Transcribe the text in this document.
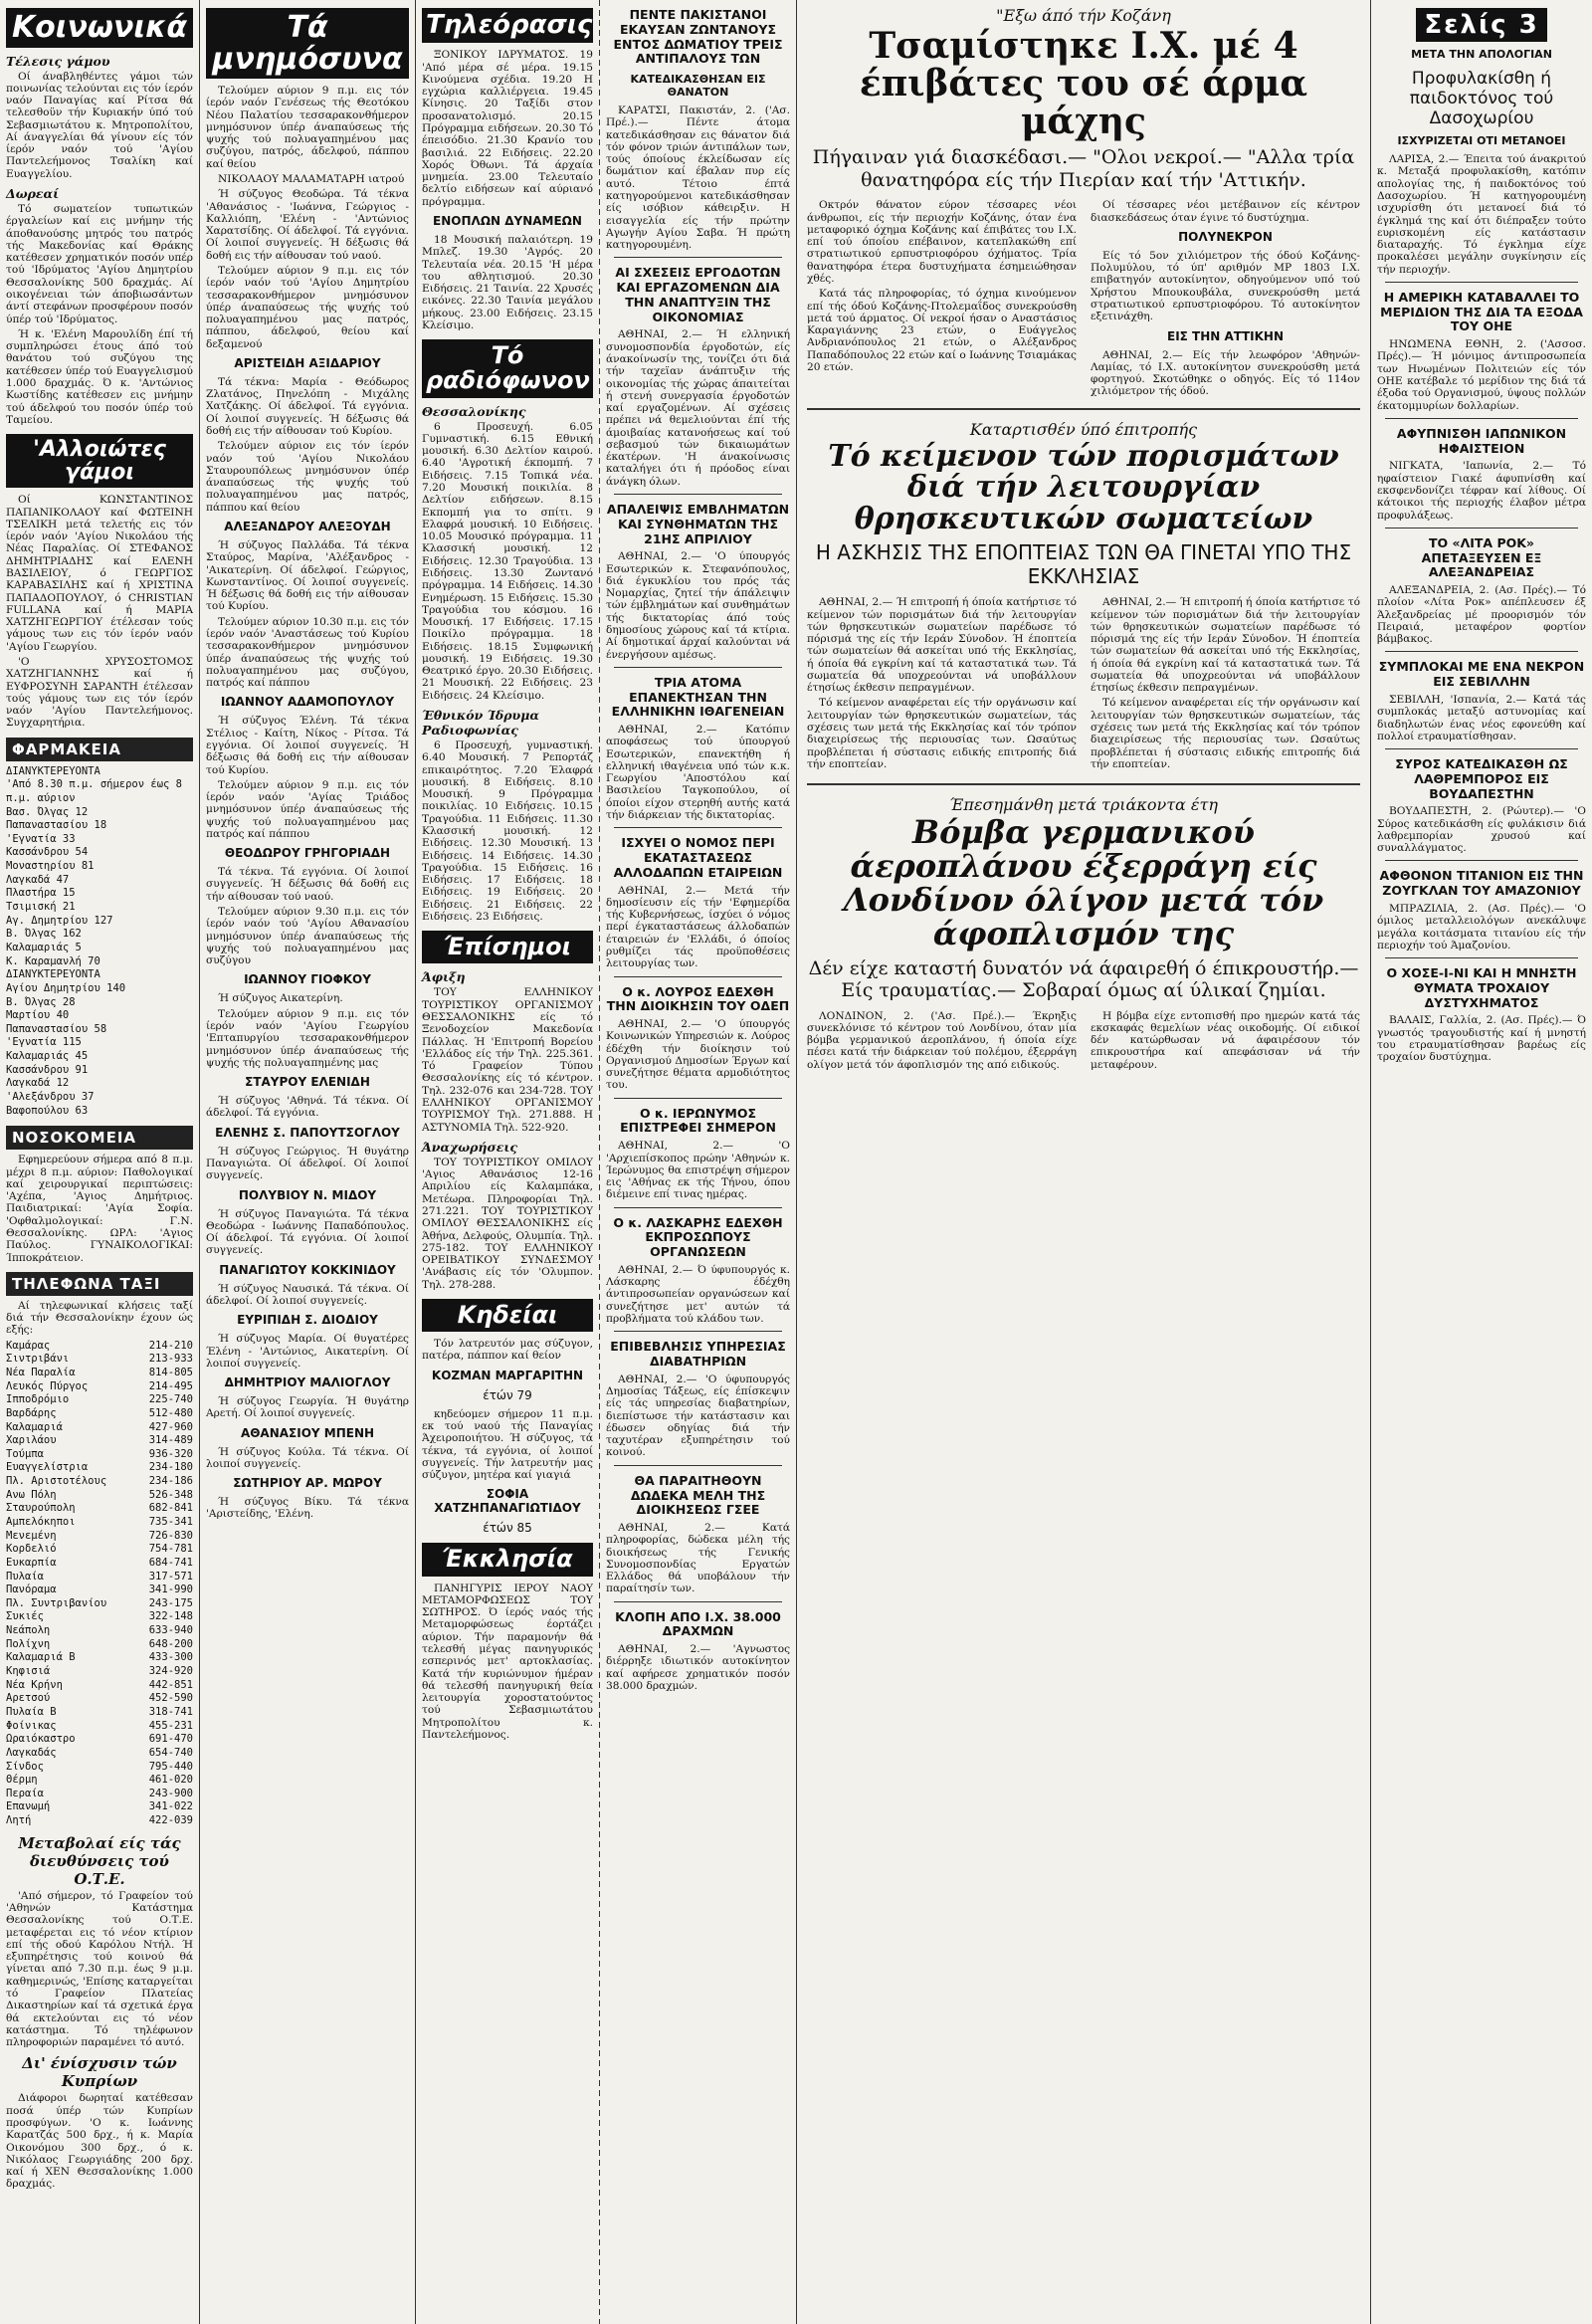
Κοινωνικά
Τέλεσις γάμου

Οί άναβληθέντες γάμοι τών ποινωνίας τελούνται εις τόν ίερόν ναόν Παναγίας καί Ρίτσα θά τελεσθοϋν τήν Κυριακήν ύπό τού Σεβασμιωτάτου κ. Μητροπολίτου, Αί άναγγελίαι θά γίνουν είς τόν ίερόν ναόν τού 'Αγίου Παντελεήμονος Τσαλίκη καί Ευαγγελίου.

Δωρεαί

Τό σωματείον τυπωτικών έργαλείων καί εις μνήμην τής άποθανούσης μητρός του πατρός τής Μακεδονίας καί Θράκης κατέθεσεν χρηματικόν ποσόν υπέρ τού 'Ιδρύματος 'Αγίου Δημητρίου Θεσσαλονίκης 500 δραχμάς. Αί οικογένειαι τών άποβιωσάντων άντί στεφάνων προσφέρουν ποσόν ύπέρ τού 'Ιδρύματος.

Ή κ. 'Ελένη Μαρουλίδη έπί τή συμπληρώσει έτους άπό τού θανάτου τού συζύγου της κατέθεσεν ύπέρ τού Ευαγγελισμού 1.000 δραχμάς. Ό κ. 'Αντώνιος Κωστίδης κατέθεσεν εις μνήμην τού άδελφού του ποσόν ύπέρ τού Ταμείου.

'Αλλοιώτες γάμοι

Οί ΚΩΝΣΤΑΝΤΙΝΟΣ ΠΑΠΑΝΙΚΟΛΑΟΥ καί ΦΩΤΕΙΝΗ ΤΣΕΛΙΚΗ μετά τελετής εις τόν ίερόν ναόν 'Αγίου Νικολάου τής Νέας Παραλίας. Οί ΣΤΕΦΑΝΟΣ ΔΗΜΗΤΡΙΑΔΗΣ καί ΕΛΕΝΗ ΒΑΣΙΛΕΙΟΥ, ό ΓΕΩΡΓΙΟΣ ΚΑΡΑΒΑΣΙΛΗΣ καί ή ΧΡΙΣΤΙΝΑ ΠΑΠΑΔΟΠΟΥΛΟΥ, ό CHRISTIAN FULLANA καί ή ΜΑΡΙΑ ΧΑΤΖΗΓΕΩΡΓΙΟΥ έτέλεσαν τούς γάμους των εις τόν ίερόν ναόν 'Αγίου Γεωργίου.

'Ο ΧΡΥΣΟΣΤΟΜΟΣ ΧΑΤΖΗΓΙΑΝΝΗΣ καί ή ΕΥΦΡΟΣΥΝΗ ΣΑΡΑΝΤΗ έτέλεσαν τούς γάμους των εις τόν ίερόν ναόν 'Αγίου Παντελεήμονος. Συγχαρητήρια.

ΦΑΡΜΑΚΕΙΑ
ΔΙΑΝΥΚΤΕΡΕΥΟΝΤΑ
'Από 8.30 π.μ. σήμερον έως 8 π.μ. αύριον
Βασ. Όλγας 12
Παπαναστασίου 18
'Εγνατία 33
Κασσάνδρου 54
Μοναστηρίου 81
Λαγκαδά 47
Πλαστήρα 15
Τσιμισκή 21
Αγ. Δημητρίου 127
Β. Όλγας 162
Καλαμαριάς 5
Κ. Καραμανλή 70
ΔΙΑΝΥΚΤΕΡΕΥΟΝΤΑ
Αγίου Δημητρίου 140
Β. Όλγας 28
Μαρτίου 40
Παπαναστασίου 58
'Εγνατία 115
Καλαμαριάς 45
Κασσάνδρου 91
Λαγκαδά 12
'Αλεξάνδρου 37
Βαφοπούλου 63
ΝΟΣΟΚΟΜΕΙΑ

Εφημερεύουν σήμερα από 8 π.μ. μέχρι 8 π.μ. αύριον: Παθολογικαί καί χειρουργικαί περιπτώσεις: 'Αχέπα, 'Αγιος Δημήτριος. Παιδιατρικαί: 'Αγία Σοφία. 'Οφθαλμολογικαί: Γ.Ν. Θεσσαλονίκης. ΩΡΛ: 'Αγιος Παύλος. ΓΥΝΑΙΚΟΛΟΓΙΚΑΙ: Ίπποκράτειον.

ΤΗΛΕΦΩΝΑ ΤΑΞΙ

Αί τηλεφωνικαί κλήσεις ταξί διά τήν Θεσσαλονίκην έχουν ώς εξής:

Καμάρας	214-210
Σιντριβάνι	213-933
Νέα Παραλία	814-805
Λευκός Πύργος	214-495
Ιπποδρόμιο	225-740
Βαρδάρης	512-480
Καλαμαριά	427-960
Χαριλάου	314-489
Τούμπα	936-320
Ευαγγελίστρια	234-180
Πλ. Αριστοτέλους	234-186
Ανω Πόλη	526-348
Σταυρούπολη	682-841
Αμπελόκηποι	735-341
Μενεμένη	726-830
Κορδελιό	754-781
Ευκαρπία	684-741
Πυλαία	317-571
Πανόραμα	341-990
Πλ. Συντριβανίου	243-175
Συκιές	322-148
Νεάπολη	633-940
Πολίχνη	648-200
Καλαμαριά Β	433-300
Κηφισιά	324-920
Νέα Κρήνη	442-851
Αρετσού	452-590
Πυλαία Β	318-741
Φοίνικας	455-231
Ωραιόκαστρο	691-470
Λαγκαδάς	654-740
Σίνδος	795-440
Θέρμη	461-020
Περαία	243-900
Επανωμή	341-022
Λητή	422-039
Μεταβολαί είς τάς διευθύνσεις τού Ο.Τ.Ε.

'Από σήμερον, τό Γραφείον τού 'Αθηνών Κατάστημα Θεσσαλονίκης τού Ο.Τ.Ε. μεταφέρεται εις τό νέον κτίριον επί τής οδού Καρόλου Ντήλ. Ή εξυπηρέτησις τού κοινού θά γίνεται από 7.30 π.μ. έως 9 μ.μ. καθημερινώς, 'Επίσης καταργείται τό Γραφείον Πλατείας Δικαστηρίων καί τά σχετικά έργα θά εκτελούνται εις τό νέον κατάστημα. Τό τηλέφωνον πληροφοριών παραμένει τό αυτό.

Δι' ένίσχυσιν τών Κυπρίων

Διάφοροι δωρηταί κατέθεσαν ποσά ύπέρ τών Κυπρίων προσφύγων. 'Ο κ. Ιωάννης Καρατζάς 500 δρχ., ή κ. Μαρία Οικονόμου 300 δρχ., ό κ. Νικόλαος Γεωργιάδης 200 δρχ. καί ή ΧΕΝ Θεσσαλονίκης 1.000 δραχμάς.

Τά μνημόσυνα

Τελούμεν αύριον 9 π.μ. εις τόν ίερόν ναόν Γενέσεως τής Θεοτόκου Νέου Παλατίου τεσσαρακονθήμερον μνημόσυνον ύπέρ άναπαύσεως τής ψυχής τού πολυαγαπημένου μας συζύγου, πατρός, άδελφού, πάππου καί θείου

ΝΙΚΟΛΑΟΥ ΜΑΛΑΜΑΤΑΡΗ ιατρού

Ή σύζυγος Θεοδώρα. Τά τέκνα 'Αθανάσιος - 'Ιωάννα, Γεώργιος - Καλλιόπη, 'Ελένη - 'Αντώνιος Χαρατσίδης. Οί άδελφοί. Τά εγγόνια. Οί λοιποί συγγενείς. Ή δέξωσις θά δοθή εις τήν αίθουσαν τού ναού.

Τελούμεν αύριον 9 π.μ. εις τόν ίερόν ναόν τού 'Αγίου Δημητρίου τεσσαρακονθήμερον μνημόσυνον ύπέρ άναπαύσεως τής ψυχής τού πολυαγαπημένου μας πατρός, πάππου, άδελφού, θείου καί δεξαμενού

ΑΡΙΣΤΕΙΔΗ ΑΞΙΔΑΡΙΟΥ

Τά τέκνα: Μαρία - Θεόδωρος Ζλατάνος, Πηνελόπη - Μιχάλης Χατζάκης. Οί άδελφοί. Τά εγγόνια. Οί λοιποί συγγενείς. Ή δέξωσις θά δοθή εις τήν αίθουσαν τού Κυρίου.

Τελούμεν αύριον εις τόν ίερόν ναόν τού 'Αγίου Νικολάου Σταυρουπόλεως μνημόσυνον ύπέρ άναπαύσεως τής ψυχής τού πολυαγαπημένου μας πατρός, πάππου καί θείου

ΑΛΕΞΑΝΔΡΟΥ ΑΛΕΞΟΥΔΗ

Ή σύζυγος Παλλάδα. Τά τέκνα Σταύρος, Μαρίνα, 'Αλέξανδρος - 'Αικατερίνη. Οί άδελφοί. Γεώργιος, Κωνσταντίνος. Οί λοιποί συγγενείς. Ή δέξωσις θά δοθή εις τήν αίθουσαν τού Κυρίου.

Τελούμεν αύριον 10.30 π.μ. εις τόν ίερόν ναόν 'Αναστάσεως τού Κυρίου τεσσαρακονθήμερον μνημόσυνον ύπέρ άναπαύσεως τής ψυχής τού πολυαγαπημένου μας συζύγου, πατρός καί πάππου

ΙΩΑΝΝΟΥ ΑΔΑΜΟΠΟΥΛΟΥ

Ή σύζυγος Έλένη. Τά τέκνα Στέλιος - Καίτη, Νίκος - Ρίτσα. Τά εγγόνια. Οί λοιποί συγγενείς. Ή δέξωσις θά δοθή εις τήν αίθουσαν τού Κυρίου.

Τελούμεν αύριον 9 π.μ. εις τόν ίερόν ναόν 'Αγίας Τριάδος μνημόσυνον ύπέρ άναπαύσεως τής ψυχής τού πολυαγαπημένου μας πατρός καί πάππου

ΘΕΟΔΩΡΟΥ ΓΡΗΓΟΡΙΑΔΗ

Τά τέκνα. Τά εγγόνια. Οί λοιποί συγγενείς. Ή δέξωσις θά δοθή εις τήν αίθουσαν τού ναού.

Τελούμεν αύριον 9.30 π.μ. εις τόν ίερόν ναόν τού 'Αγίου Αθανασίου μνημόσυνον ύπέρ άναπαύσεως τής ψυχής τού πολυαγαπημένου μας συζύγου

ΙΩΑΝΝΟΥ ΓΙΟΦΚΟΥ

Ή σύζυγος Αικατερίνη.

Τελούμεν αύριον 9 π.μ. εις τόν ίερόν ναόν 'Αγίου Γεωργίου 'Επταπυργίου τεσσαρακονθήμερον μνημόσυνον ύπέρ άναπαύσεως τής ψυχής τής πολυαγαπημένης μας

ΣΤΑΥΡΟΥ ΕΛΕΝΙΔΗ

Ή σύζυγος 'Αθηνά. Τά τέκνα. Οί άδελφοί. Τά εγγόνια.

ΕΛΕΝΗΣ Σ. ΠΑΠΟΥΤΣΟΓΛΟΥ

Ή σύζυγος Γεώργιος. Ή θυγάτηρ Παναγιώτα. Οί άδελφοί. Οί λοιποί συγγενείς.

ΠΟΛΥΒΙΟΥ Ν. ΜΙΔΟΥ

Ή σύζυγος Παναγιώτα. Τά τέκνα Θεοδώρα - Ιωάννης Παπαδόπουλος. Οί άδελφοί. Τά εγγόνια. Οί λοιποί συγγενείς.

ΠΑΝΑΓΙΩΤΟΥ ΚΟΚΚΙΝΙΔΟΥ

Ή σύζυγος Ναυσικά. Τά τέκνα. Οί άδελφοί. Οί λοιποί συγγενείς.

ΕΥΡΙΠΙΔΗ Σ. ΔΙΟΔΙΟΥ

Ή σύζυγος Μαρία. Οί θυγατέρες Έλένη - 'Αντώνιος, Αικατερίνη. Οί λοιποί συγγενείς.

ΔΗΜΗΤΡΙΟΥ ΜΑΛΙΟΓΛΟΥ

Ή σύζυγος Γεωργία. Ή θυγάτηρ Αρετή. Οί λοιποί συγγενείς.

ΑΘΑΝΑΣΙΟΥ ΜΠΕΝΗ

Ή σύζυγος Κούλα. Τά τέκνα. Οί λοιποί συγγενείς.

ΣΩΤΗΡΙΟΥ ΑΡ. ΜΩΡΟΥ

Ή σύζυγος Βίκυ. Τά τέκνα 'Αριστείδης, 'Ελένη.

Τηλεόρασις

ΞΟΝΙΚΟΥ ΙΔΡΥΜΑΤΟΣ. 19 'Από μέρα σέ μέρα. 19.15 Κινούμενα σχέδια. 19.20 Η εγχώρια καλλιέργεια. 19.45 Κίνησις. 20 Ταξίδι στον προσανατολισμό. 20.15 Πρόγραμμα ειδήσεων. 20.30 Τό έπεισόδιο. 21.30 Κρανίο του βασιλιά. 22 Ειδήσεις. 22.20 Χορός Όθωνι. Τά άρχαία μνημεία. 23.00 Τελευταίο δελτίο ειδήσεων καί αύριανό πρόγραμμα.

ΕΝΟΠΛΩΝ ΔΥΝΑΜΕΩΝ

18 Μουσική παλαιότερη. 19 Μπλεζ. 19.30 'Αγρός. 20 Τελευταία νέα. 20.15 'Η μέρα του αθλητισμού. 20.30 Ειδήσεις. 21 Ταινία. 22 Χρυσές εικόνες. 22.30 Ταινία μεγάλου μήκους. 23.00 Ειδήσεις. 23.15 Κλείσιμο.

Τό ραδιόφωνον
Θεσσαλονίκης

6 Προσευχή. 6.05 Γυμναστική. 6.15 Εθνική μουσική. 6.30 Δελτίον καιρού. 6.40 'Αγροτική έκπομπή. 7 Ειδήσεις. 7.15 Τοπικά νέα. 7.20 Μουσική ποικιλία. 8 Δελτίον ειδήσεων. 8.15 Εκπομπή για το σπίτι. 9 Ελαφρά μουσική. 10 Ειδήσεις. 10.05 Μουσικό πρόγραμμα. 11 Κλασσική μουσική. 12 Ειδήσεις. 12.30 Τραγούδια. 13 Ειδήσεις. 13.30 Ζωντανό πρόγραμμα. 14 Ειδήσεις. 14.30 Ενημέρωση. 15 Ειδήσεις. 15.30 Τραγούδια του κόσμου. 16 Μουσική. 17 Ειδήσεις. 17.15 Ποικίλο πρόγραμμα. 18 Ειδήσεις. 18.15 Συμφωνική μουσική. 19 Ειδήσεις. 19.30 Θεατρικό έργο. 20.30 Ειδήσεις. 21 Μουσική. 22 Ειδήσεις. 23 Ειδήσεις. 24 Κλείσιμο.

Έθνικόν Ίδρυμα Ραδιοφωνίας

6 Προσευχή, γυμναστική. 6.40 Μουσική. 7 Ρεπορτάζ επικαιρότητος. 7.20 Έλαφρά μουσική. 8 Ειδήσεις. 8.10 Μουσική. 9 Πρόγραμμα ποικιλίας. 10 Ειδήσεις. 10.15 Τραγούδια. 11 Ειδήσεις. 11.30 Κλασσική μουσική. 12 Ειδήσεις. 12.30 Μουσική. 13 Ειδήσεις. 14 Ειδήσεις. 14.30 Τραγούδια. 15 Ειδήσεις. 16 Ειδήσεις. 17 Ειδήσεις. 18 Ειδήσεις. 19 Ειδήσεις. 20 Ειδήσεις. 21 Ειδήσεις. 22 Ειδήσεις. 23 Ειδήσεις.

Έπίσημοι
Άφιξη

ΤΟΥ ΕΛΛΗΝΙΚΟΥ ΤΟΥΡΙΣΤΙΚΟΥ ΟΡΓΑΝΙΣΜΟΥ ΘΕΣΣΑΛΟΝΙΚΗΣ είς τό Ξενοδοχείον Μακεδονία Πάλλας. Ή 'Επιτροπή Βορείου 'Ελλάδος είς τήν Τηλ. 225.361. Τό Γραφείον Τύπου Θεσσαλονίκης είς τό κέντρον. Τηλ. 232-076 και 234-728. ΤΟΥ ΕΛΛΗΝΙΚΟΥ ΟΡΓΑΝΙΣΜΟΥ ΤΟΥΡΙΣΜΟΥ Τηλ. 271.888. Η ΑΣΤΥΝΟΜΙΑ Τηλ. 522-920.

Άναχωρήσεις

ΤΟΥ ΤΟΥΡΙΣΤΙΚΟΥ ΟΜΙΛΟΥ 'Αγιος Αθανάσιος 12-16 Απριλίου είς Καλαμπάκα, Μετέωρα. Πληροφορίαι Τηλ. 271.221. ΤΟΥ ΤΟΥΡΙΣΤΙΚΟΥ ΟΜΙΛΟΥ ΘΕΣΣΑΛΟΝΙΚΗΣ είς Άθήνα, Δελφούς, Ολυμπία. Τηλ. 275-182. ΤΟΥ ΕΛΛΗΝΙΚΟΥ ΟΡΕΙΒΑΤΙΚΟΥ ΣΥΝΔΕΣΜΟΥ 'Ανάβασις είς τόν 'Ολυμπον. Τηλ. 278-288.

Κηδείαι

Τόν λατρευτόν μας σύζυγον, πατέρα, πάππον καί θείον

ΚΟΖΜΑΝ ΜΑΡΓΑΡΙΤΗΝ
έτών 79

κηδεύομεν σήμερον 11 π.μ. εκ τού ναού τής Παναγίας Άχειροποιήτου. Ή σύζυγος, τά τέκνα, τά εγγόνια, οί λοιποί συγγενείς. Τήν λατρευτήν μας σύζυγον, μητέρα καί γιαγιά

ΣΟΦΙΑ ΧΑΤΖΗΠΑΝΑΓΙΩΤΙΔΟΥ
έτών 85
Έκκλησία

ΠΑΝΗΓΥΡΙΣ ΙΕΡΟΥ ΝΑΟΥ ΜΕΤΑΜΟΡΦΩΣΕΩΣ ΤΟΥ ΣΩΤΗΡΟΣ. Ό ίερός ναός τής Μεταμορφώσεως έορτάζει αύριον. Τήν παραμονήν θά τελεσθή μέγας πανηγυρικός εσπερινός μετ' αρτοκλασίας. Κατά τήν κυριώνυμον ήμέραν θά τελεσθή πανηγυρική θεία λειτουργία χοροστατούντος τού Σεβασμιωτάτου Μητροπολίτου κ. Παντελεήμονος.

ΠΕΝΤΕ ΠΑΚΙΣΤΑΝΟΙ ΕΚΑΥΣΑΝ ΖΩΝΤΑΝΟΥΣ ΕΝΤΟΣ ΔΩΜΑΤΙΟΥ ΤΡΕΙΣ ΑΝΤΙΠΑΛΟΥΣ ΤΩΝ
ΚΑΤΕΔΙΚΑΣΘΗΣΑΝ ΕΙΣ ΘΑΝΑΤΟΝ

ΚΑΡΑΤΣΙ, Πακιστάν, 2. ('Ασ. Πρέ.).— Πέντε άτομα κατεδικάσθησαν εις θάνατον διά τόν φόνον τριών άντιπάλων των, τούς όποίους έκλείδωσαν είς δωμάτιον καί έβαλαν πυρ είς αυτό. Τέτοιο έπτά κατηγορούμενοι κατεδικάσθησαν είς ισόβιον κάθειρξιν. Η εισαγγελία είς τήν πρώτην Αγωγήν Αγίου Σαβα. Ή πρώτη κατηγορουμένη.

ΑΙ ΣΧΕΣΕΙΣ ΕΡΓΟΔΟΤΩΝ ΚΑΙ ΕΡΓΑΖΟΜΕΝΩΝ ΔΙΑ ΤΗΝ ΑΝΑΠΤΥΞΙΝ ΤΗΣ ΟΙΚΟΝΟΜΙΑΣ

ΑΘΗΝΑΙ, 2.— Ή ελληνική συνομοσπονδία έργοδοτών, είς άνακοίνωσίν της, τονίζει ότι διά τήν ταχεϊαν άνάπτυξιν τής οικονομίας τής χώρας άπαιτείται ή στενή συνεργασία έργοδοτών καί εργαζομένων. Αί σχέσεις πρέπει νά θεμελιούνται έπί τής άμοιβαίας κατανοήσεως καί τού σεβασμού τών δικαιωμάτων έκατέρων. 'Η άνακοίνωσις καταλήγει ότι ή πρόοδος είναι άνάγκη όλων.

ΑΠΑΛΕΙΨΙΣ ΕΜΒΛΗΜΑΤΩΝ ΚΑΙ ΣΥΝΘΗΜΑΤΩΝ ΤΗΣ 21ΗΣ ΑΠΡΙΛΙΟΥ

ΑΘΗΝΑΙ, 2.— 'Ο ύπουργός Εσωτερικών κ. Στεφανόπουλος, διά έγκυκλίου του πρός τάς Νομαρχίας, ζητεί τήν άπάλειψιν τών έμβλημάτων καί συνθημάτων τής δικτατορίας άπό τούς δημοσίους χώρους καί τά κτίρια. Αί δημοτικαί άρχαί καλούνται νά ένεργήσουν αμέσως.

ΤΡΙΑ ΑΤΟΜΑ ΕΠΑΝΕΚΤΗΣΑΝ ΤΗΝ ΕΛΛΗΝΙΚΗΝ ΙΘΑΓΕΝΕΙΑΝ

ΑΘΗΝΑΙ, 2.— Κατόπιν αποφάσεως τού ύπουργού Εσωτερικών, επανεκτήθη ή ελληνική ιθαγένεια υπό τών κ.κ. Γεωργίου 'Αποστόλου καί Βασιλείου Ταγκοπούλου, οί όποίοι είχον στερηθή αυτής κατά τήν διάρκειαν τής δικτατορίας.

ΙΣΧΥΕΙ Ο ΝΟΜΟΣ ΠΕΡΙ ΕΚΑΤΑΣΤΑΣΕΩΣ ΑΛΛΟΔΑΠΩΝ ΕΤΑΙΡΕΙΩΝ

ΑΘΗΝΑΙ, 2.— Μετά τήν δημοσίευσιν είς τήν 'Εφημερίδα τής Κυβερνήσεως, ίσχύει ό νόμος περί έγκαταστάσεως άλλοδαπών έταιρειών έν 'Ελλάδι, ό όποίος ρυθμίζει τάς προϋποθέσεις λειτουργίας των.

Ο κ. ΛΟΥΡΟΣ ΕΔΕΧΘΗ ΤΗΝ ΔΙΟΙΚΗΣΙΝ ΤΟΥ ΟΔΕΠ

ΑΘΗΝΑΙ, 2.— 'Ο ύπουργός Κοινωνικών Υπηρεσιών κ. Λούρος έδέχθη τήν διοίκησιν τού Οργανισμού Δημοσίων Έργων καί συνεζήτησε θέματα αρμοδιότητος του.

Ο κ. ΙΕΡΩΝΥΜΟΣ ΕΠΙΣΤΡΕΦΕΙ ΣΗΜΕΡΟΝ

ΑΘΗΝΑΙ, 2.— 'Ο 'Αρχιεπίσκοπος πρώην 'Αθηνών κ. Ίερώνυμος θα επιστρέψη σήμερον εις 'Αθήνας εκ τής Τήνου, όπου διέμεινε επί τινας ημέρας.

Ο κ. ΛΑΣΚΑΡΗΣ ΕΔΕΧΘΗ ΕΚΠΡΟΣΩΠΟΥΣ ΟΡΓΑΝΩΣΕΩΝ

ΑΘΗΝΑΙ, 2.— Ό ύφυπουργός κ. Λάσκαρης έδέχθη άντιπροσωπείαν οργανώσεων καί συνεζήτησε μετ' αυτών τά προβλήματα τού κλάδου των.

ΕΠΙΒΕΒΛΗΣΙΣ ΥΠΗΡΕΣΙΑΣ ΔΙΑΒΑΤΗΡΙΩΝ

ΑΘΗΝΑΙ, 2.— 'Ο ύφυπουργός Δημοσίας Τάξεως, είς έπίσκεψιν είς τάς υπηρεσίας διαβατηρίων, διεπίστωσε τήν κατάστασιν και έδωσεν οδηγίας διά τήν ταχυτέραν εξυπηρέτησιν τού κοινού.

ΘΑ ΠΑΡΑΙΤΗΘΟΥΝ ΔΩΔΕΚΑ ΜΕΛΗ ΤΗΣ ΔΙΟΙΚΗΣΕΩΣ ΓΣΕΕ

ΑΘΗΝΑΙ, 2.— Κατά πληροφορίας, δώδεκα μέλη τής διοικήσεως τής Γενικής Συνομοσπονδίας Εργατών Ελλάδος θά υποβάλουν τήν παραίτησίν των.

ΚΛΟΠΗ ΑΠΟ Ι.Χ. 38.000 ΔΡΑΧΜΩΝ

ΑΘΗΝΑΙ, 2.— 'Αγνωστος διέρρηξε ιδιωτικόν αυτοκίνητον καί αφήρεσε χρηματικόν ποσόν 38.000 δραχμών.

"Εξω άπό τήν Κοζάνη
Τσαμίστηκε Ι.Χ. μέ 4 έπιβάτες του σέ άρμα μάχης
Πήγαιναν γιά διασκέδασι.— "Ολοι νεκροί.— "Αλλα τρία θανατηφόρα είς τήν Πιερίαν καί τήν 'Αττικήν.

Οκτρόν θάνατον εύρον τέσσαρες νέοι άνθρωποι, είς τήν περιοχήν Κοζάνης, όταν ένα μεταφορικό όχημα Κοζάνης καί έπιβάτες του Ι.Χ. επί τού όποίου επέβαινον, κατεπλακώθη επί στρατιωτικού ερπυστριοφόρου όχήματος. Τρία θανατηφόρα έτερα δυστυχήματα έσημειώθησαν χθές.

Κατά τάς πληροφορίας, τό όχημα κινούμενον επί τής όδού Κοζάνης-Πτολεμαΐδος συνεκρούσθη μετά τού άρματος. Οί νεκροί ήσαν ο Αναστάσιος Καραγιάννης 23 ετών, ο Ευάγγελος Ανδριανόπουλος 21 ετών, ο Αλέξανδρος Παπαδόπουλος 22 ετών καί ο Ιωάννης Τσιαμάκας 20 ετών.

Οί τέσσαρες νέοι μετέβαινον είς κέντρον διασκεδάσεως όταν έγινε τό δυστύχημα.

ΠΟΛΥΝΕΚΡΟΝ

Είς τό 5ον χιλιόμετρον τής όδού Κοζάνης-Πολυμύλου, τό ύπ' αριθμόν ΜΡ 1803 Ι.Χ. επιβατηγόν αυτοκίνητον, οδηγούμενον υπό τού Χρήστου Μπουκουβάλα, συνεκρούσθη μετά στρατιωτικού ερπυστριοφόρου. Τό αυτοκίνητον εξετινάχθη.

ΕΙΣ ΤΗΝ ΑΤΤΙΚΗΝ

ΑΘΗΝΑΙ, 2.— Είς τήν λεωφόρον 'Αθηνών-Λαμίας, τό Ι.Χ. αυτοκίνητον συνεκρούσθη μετά φορτηγού. Σκοτώθηκε ο οδηγός. Είς τό 114ον χιλιόμετρον τής όδού.

Καταρτισθέν ύπό έπιτροπής
Τό κείμενον τών πορισμάτων διά τήν λειτουργίαν θρησκευτικών σωματείων
Η ΑΣΚΗΣΙΣ ΤΗΣ ΕΠΟΠΤΕΙΑΣ ΤΩΝ ΘΑ ΓΙΝΕΤΑΙ ΥΠΟ ΤΗΣ ΕΚΚΛΗΣΙΑΣ

ΑΘΗΝΑΙ, 2.— Ή επιτροπή ή όποία κατήρτισε τό κείμενον τών πορισμάτων διά τήν λειτουργίαν τών θρησκευτικών σωματείων παρέδωσε τό πόρισμά της είς τήν Ιεράν Σύνοδον. Ή έποπτεία τών σωματείων θά ασκείται υπό τής Εκκλησίας, ή όποία θά εγκρίνη καί τά καταστατικά των. Τά σωματεία θά υποχρεούνται νά υποβάλλουν έτησίως έκθεσιν πεπραγμένων.

Τό κείμενον αναφέρεται είς τήν οργάνωσιν καί λειτουργίαν τών θρησκευτικών σωματείων, τάς σχέσεις των μετά τής Εκκλησίας καί τόν τρόπον διαχειρίσεως τής περιουσίας των. Ωσαύτως προβλέπεται ή σύστασις ειδικής επιτροπής διά τήν εποπτείαν.

ΑΘΗΝΑΙ, 2.— Ή επιτροπή ή όποία κατήρτισε τό κείμενον τών πορισμάτων διά τήν λειτουργίαν τών θρησκευτικών σωματείων παρέδωσε τό πόρισμά της είς τήν Ιεράν Σύνοδον. Ή έποπτεία τών σωματείων θά ασκείται υπό τής Εκκλησίας, ή όποία θά εγκρίνη καί τά καταστατικά των. Τά σωματεία θά υποχρεούνται νά υποβάλλουν έτησίως έκθεσιν πεπραγμένων.

Τό κείμενον αναφέρεται είς τήν οργάνωσιν καί λειτουργίαν τών θρησκευτικών σωματείων, τάς σχέσεις των μετά τής Εκκλησίας καί τόν τρόπον διαχειρίσεως τής περιουσίας των. Ωσαύτως προβλέπεται ή σύστασις ειδικής επιτροπής διά τήν εποπτείαν.

Έπεσημάνθη μετά τριάκοντα έτη
Βόμβα γερμανικού άεροπλάνου έξερράγη είς Λονδίνον όλίγον μετά τόν άφοπλισμόν της
Δέν είχε καταστή δυνατόν νά άφαιρεθή ό έπικρουστήρ.— Είς τραυματίας.— Σοβαραί όμως αί ύλικαί ζημίαι.

ΛΟΝΔΙΝΟΝ, 2. ('Ασ. Πρέ.).— Έκρηξις συνεκλόνισε τό κέντρον τού Λονδίνου, όταν μία βόμβα γερμανικού άεροπλάνου, ή όποία είχε πέσει κατά τήν διάρκειαν τού πολέμου, έξερράγη ολίγον μετά τόν άφοπλισμόν της από ειδικούς.

Η βόμβα είχε εντοπισθή προ ημερών κατά τάς εκσκαφάς θεμελίων νέας οικοδομής. Οί ειδικοί δέν κατώρθωσαν νά άφαιρέσουν τόν επικρουστήρα καί απεφάσισαν νά τήν μεταφέρουν.

Σελίς 3
ΜΕΤΑ ΤΗΝ ΑΠΟΛΟΓΙΑΝ
Προφυλακίσθη ή παιδοκτόνος τού Δασοχωρίου
ΙΣΧΥΡΙΖΕΤΑΙ ΟΤΙ ΜΕΤΑΝΟΕΙ

ΛΑΡΙΣΑ, 2.— Έπειτα τού άνακριτού κ. Μεταξά προφυλακίσθη, κατόπιν απολογίας της, ή παιδοκτόνος τού Δασοχωρίου. Ή κατηγορουμένη ισχυρίσθη ότι μετανοεί διά τό έγκλημά της καί ότι διέπραξεν τούτο ευρισκομένη είς κατάστασιν διαταραχής. Τό έγκλημα είχε προκαλέσει μεγάλην συγκίνησιν είς τήν περιοχήν.

Η ΑΜΕΡΙΚΗ ΚΑΤΑΒΑΛΛΕΙ ΤΟ ΜΕΡΙΔΙΟΝ ΤΗΣ ΔΙΑ ΤΑ ΕΞΟΔΑ ΤΟΥ ΟΗΕ

ΗΝΩΜΕΝΑ ΕΘΝΗ, 2. ('Ασσοσ. Πρές).— Ή μόνιμος άντιπροσωπεία των Ηνωμένων Πολιτειών είς τόν ΟΗΕ κατέβαλε τό μερίδιον της διά τά έξοδα τού Οργανισμού, ύψους πολλών έκατομμυρίων δολλαρίων.

ΑΦΥΠΝΙΣΘΗ ΙΑΠΩΝΙΚΟΝ ΗΦΑΙΣΤΕΙΟΝ

ΝΙΓΚΑΤΑ, 'Ιαπωνία, 2.— Τό ηφαίστειον Γιακέ άφυπνίσθη καί εκσφενδονίζει τέφραν καί λίθους. Οί κάτοικοι τής περιοχής έλαβον μέτρα προφυλάξεως.

ΤΟ «ΛΙΤΑ ΡΟΚ» ΑΠΕΤΑΞΕΥΣΕΝ ΕΞ ΑΛΕΞΑΝΔΡΕΙΑΣ

ΑΛΕΞΑΝΔΡΕΙΑ, 2. (Ασ. Πρές).— Τό πλοίον «Λίτα Ροκ» απέπλευσεν έξ Άλεξανδρείας μέ προορισμόν τόν Πειραιά, μεταφέρον φορτίον βάμβακος.

ΣΥΜΠΛΟΚΑΙ ΜΕ ΕΝΑ ΝΕΚΡΟΝ ΕΙΣ ΣΕΒΙΛΛΗΝ

ΣΕΒΙΛΛΗ, 'Ισπανία, 2.— Κατά τάς συμπλοκάς μεταξύ αστυνομίας καί διαδηλωτών ένας νέος εφονεύθη καί πολλοί ετραυματίσθησαν.

ΣΥΡΟΣ ΚΑΤΕΔΙΚΑΣΘΗ ΩΣ ΛΑΘΡΕΜΠΟΡΟΣ ΕΙΣ ΒΟΥΔΑΠΕΣΤΗΝ

ΒΟΥΔΑΠΕΣΤΗ, 2. (Ρώυτερ).— 'Ο Σύρος κατεδικάσθη είς φυλάκισιν διά λαθρεμπορίαν χρυσού καί συναλλάγματος.

ΑΦΘΟΝΟΝ ΤΙΤΑΝΙΟΝ ΕΙΣ ΤΗΝ ΖΟΥΓΚΛΑΝ ΤΟΥ ΑΜΑΖΟΝΙΟΥ

ΜΠΡΑΖΙΛΙΑ, 2. (Ασ. Πρές).— 'Ο όμιλος μεταλλειολόγων ανεκάλυψε μεγάλα κοιτάσματα τιτανίου είς τήν περιοχήν τού Άμαζονίου.

Ο ΧΟΣΕ-Ι-ΝΙ ΚΑΙ Η ΜΝΗΣΤΗ ΘΥΜΑΤΑ ΤΡΟΧΑΙΟΥ ΔΥΣΤΥΧΗΜΑΤΟΣ

ΒΑΛΑΙΣ, Γαλλία, 2. (Ασ. Πρές).— Ό γνωστός τραγουδιστής καί ή μνηστή του ετραυματίσθησαν βαρέως είς τροχαίον δυστύχημα.
